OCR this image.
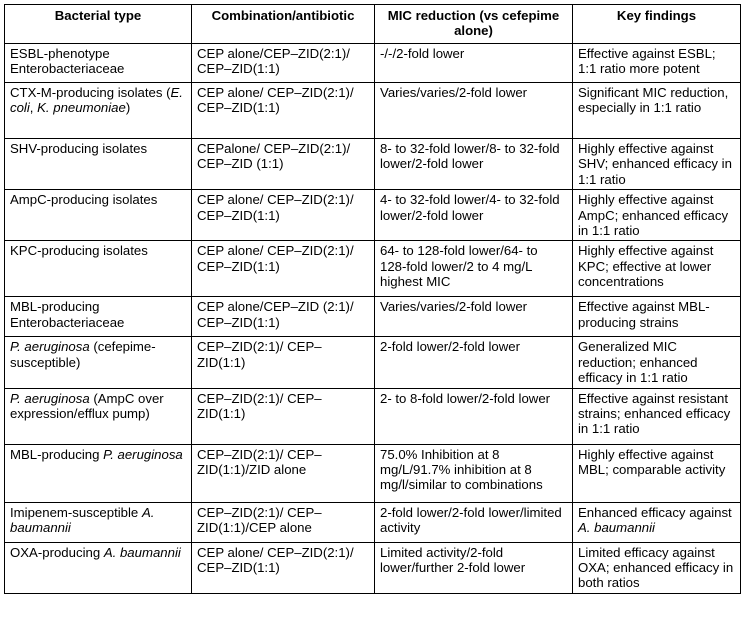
Bacterial type	Combination/antibiotic	MIC reduction (vs cefepime alone)	Key findings
ESBL-phenotype Enterobacteriaceae	CEP alone/CEP–ZID(2:1)/ CEP–ZID(1:1)	-/-/2-fold lower	Effective against ESBL; 1:1 ratio more potent
CTX-M-producing isolates (E. coli, K. pneumoniae)	CEP alone/ CEP–ZID(2:1)/ CEP–ZID(1:1)	Varies/varies/2-fold lower	Significant MIC reduction, especially in 1:1 ratio
SHV-producing isolates	CEPalone/ CEP–ZID(2:1)/ CEP–ZID (1:1)	8- to 32-fold lower/8- to 32-fold lower/2-fold lower	Highly effective against SHV; enhanced efficacy in 1:1 ratio
AmpC-producing isolates	CEP alone/ CEP–ZID(2:1)/ CEP–ZID(1:1)	4- to 32-fold lower/4- to 32-fold lower/2-fold lower	Highly effective against AmpC; enhanced efficacy in 1:1 ratio
KPC-producing isolates	CEP alone/ CEP–ZID(2:1)/ CEP–ZID(1:1)	64- to 128-fold lower/64- to 128-fold lower/2 to 4 mg/L highest MIC	Highly effective against KPC; effective at lower concentrations
MBL-producing Enterobacteriaceae	CEP alone/CEP–ZID (2:1)/ CEP–ZID(1:1)	Varies/varies/2-fold lower	Effective against MBL-producing strains
P. aeruginosa (cefepime-susceptible)	CEP–ZID(2:1)/ CEP–ZID(1:1)	2-fold lower/2-fold lower	Generalized MIC reduction; enhanced efficacy in 1:1 ratio
P. aeruginosa (AmpC over expression/efflux pump)	CEP–ZID(2:1)/ CEP–ZID(1:1)	2- to 8-fold lower/2-fold lower	Effective against resistant strains; enhanced efficacy in 1:1 ratio
MBL-producing P. aeruginosa	CEP–ZID(2:1)/ CEP–ZID(1:1)/ZID alone	75.0% Inhibition at 8 mg/L/91.7% inhibition at 8 mg/l/similar to combinations	Highly effective against MBL; comparable activity
Imipenem-susceptible A. baumannii	CEP–ZID(2:1)/ CEP–ZID(1:1)/CEP alone	2-fold lower/2-fold lower/limited activity	Enhanced efficacy against A. baumannii
OXA-producing A. baumannii	CEP alone/ CEP–ZID(2:1)/ CEP–ZID(1:1)	Limited activity/2-fold lower/further 2-fold lower	Limited efficacy against OXA; enhanced efficacy in both ratios
